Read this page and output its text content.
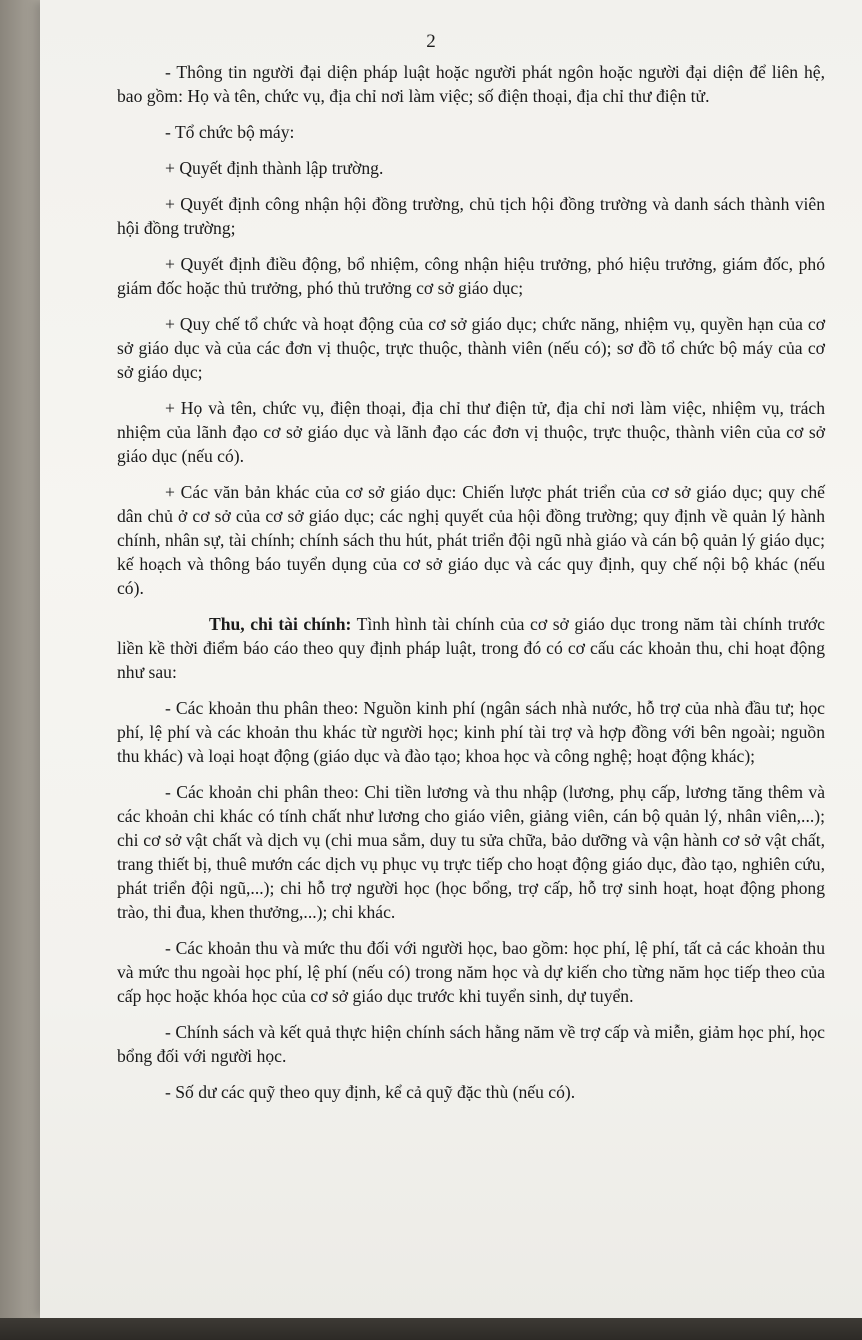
2

- Thông tin người đại diện pháp luật hoặc người phát ngôn hoặc người đại diện để liên hệ, bao gồm: Họ và tên, chức vụ, địa chỉ nơi làm việc; số điện thoại, địa chỉ thư điện tử.

- Tổ chức bộ máy:

+ Quyết định thành lập trường.

+ Quyết định công nhận hội đồng trường, chủ tịch hội đồng trường và danh sách thành viên hội đồng trường;

+ Quyết định điều động, bổ nhiệm, công nhận hiệu trưởng, phó hiệu trưởng, giám đốc, phó giám đốc hoặc thủ trưởng, phó thủ trưởng cơ sở giáo dục;

+ Quy chế tổ chức và hoạt động của cơ sở giáo dục; chức năng, nhiệm vụ, quyền hạn của cơ sở giáo dục và của các đơn vị thuộc, trực thuộc, thành viên (nếu có); sơ đồ tổ chức bộ máy của cơ sở giáo dục;

+ Họ và tên, chức vụ, điện thoại, địa chỉ thư điện tử, địa chỉ nơi làm việc, nhiệm vụ, trách nhiệm của lãnh đạo cơ sở giáo dục và lãnh đạo các đơn vị thuộc, trực thuộc, thành viên của cơ sở giáo dục (nếu có).

+ Các văn bản khác của cơ sở giáo dục: Chiến lược phát triển của cơ sở giáo dục; quy chế dân chủ ở cơ sở của cơ sở giáo dục; các nghị quyết của hội đồng trường; quy định về quản lý hành chính, nhân sự, tài chính; chính sách thu hút, phát triển đội ngũ nhà giáo và cán bộ quản lý giáo dục; kế hoạch và thông báo tuyển dụng của cơ sở giáo dục và các quy định, quy chế nội bộ khác (nếu có).

Thu, chi tài chính: Tình hình tài chính của cơ sở giáo dục trong năm tài chính trước liền kề thời điểm báo cáo theo quy định pháp luật, trong đó có cơ cấu các khoản thu, chi hoạt động như sau:

- Các khoản thu phân theo: Nguồn kinh phí (ngân sách nhà nước, hỗ trợ của nhà đầu tư; học phí, lệ phí và các khoản thu khác từ người học; kinh phí tài trợ và hợp đồng với bên ngoài; nguồn thu khác) và loại hoạt động (giáo dục và đào tạo; khoa học và công nghệ; hoạt động khác);

- Các khoản chi phân theo: Chi tiền lương và thu nhập (lương, phụ cấp, lương tăng thêm và các khoản chi khác có tính chất như lương cho giáo viên, giảng viên, cán bộ quản lý, nhân viên,...); chi cơ sở vật chất và dịch vụ (chi mua sắm, duy tu sửa chữa, bảo dưỡng và vận hành cơ sở vật chất, trang thiết bị, thuê mướn các dịch vụ phục vụ trực tiếp cho hoạt động giáo dục, đào tạo, nghiên cứu, phát triển đội ngũ,...); chi hỗ trợ người học (học bổng, trợ cấp, hỗ trợ sinh hoạt, hoạt động phong trào, thi đua, khen thưởng,...); chi khác.

- Các khoản thu và mức thu đối với người học, bao gồm: học phí, lệ phí, tất cả các khoản thu và mức thu ngoài học phí, lệ phí (nếu có) trong năm học và dự kiến cho từng năm học tiếp theo của cấp học hoặc khóa học của cơ sở giáo dục trước khi tuyển sinh, dự tuyển.

- Chính sách và kết quả thực hiện chính sách hằng năm về trợ cấp và miễn, giảm học phí, học bổng đối với người học.

- Số dư các quỹ theo quy định, kể cả quỹ đặc thù (nếu có).
